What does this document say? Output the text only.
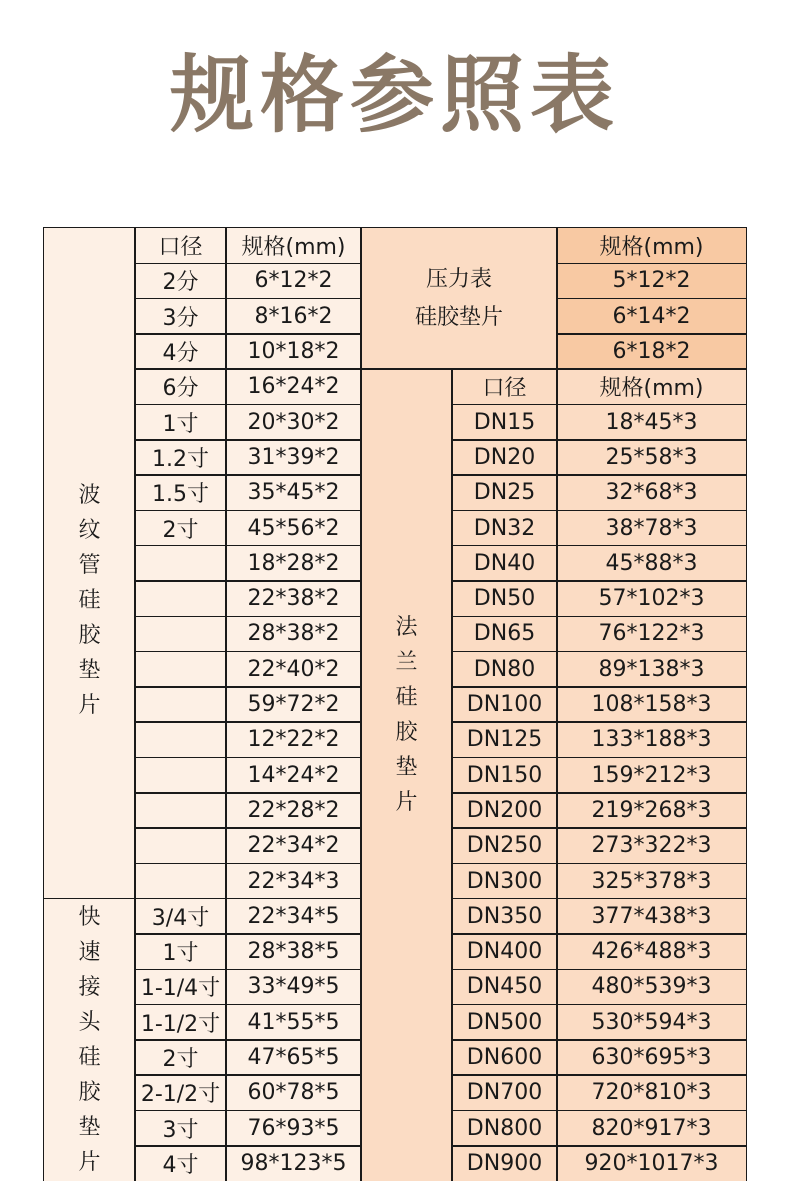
规格参照表
波
纹
管
硅
胶
垫
片
快
速
接
头
硅
胶
垫
片
法
兰
硅
胶
垫
片
压力表
硅胶垫片
口径	规格(mm)
2分	6*12*2
3分	8*16*2
4分	10*18*2
6分	16*24*2
1寸	20*30*2
1.2寸	31*39*2
1.5寸	35*45*2
2寸	45*56*2
18*28*2
22*38*2
28*38*2
22*40*2
59*72*2
12*22*2
14*24*2
22*28*2
22*34*2
22*34*3
3/4寸	22*34*5
1寸	28*38*5
1-1/4寸	33*49*5
1-1/2寸	41*55*5
2寸	47*65*5
2-1/2寸	60*78*5
3寸	76*93*5
4寸	98*123*5
规格(mm)
5*12*2
6*14*2
6*18*2
口径	规格(mm)
DN15	18*45*3
DN20	25*58*3
DN25	32*68*3
DN32	38*78*3
DN40	45*88*3
DN50	57*102*3
DN65	76*122*3
DN80	89*138*3
DN100	108*158*3
DN125	133*188*3
DN150	159*212*3
DN200	219*268*3
DN250	273*322*3
DN300	325*378*3
DN350	377*438*3
DN400	426*488*3
DN450	480*539*3
DN500	530*594*3
DN600	630*695*3
DN700	720*810*3
DN800	820*917*3
DN900	920*1017*3
